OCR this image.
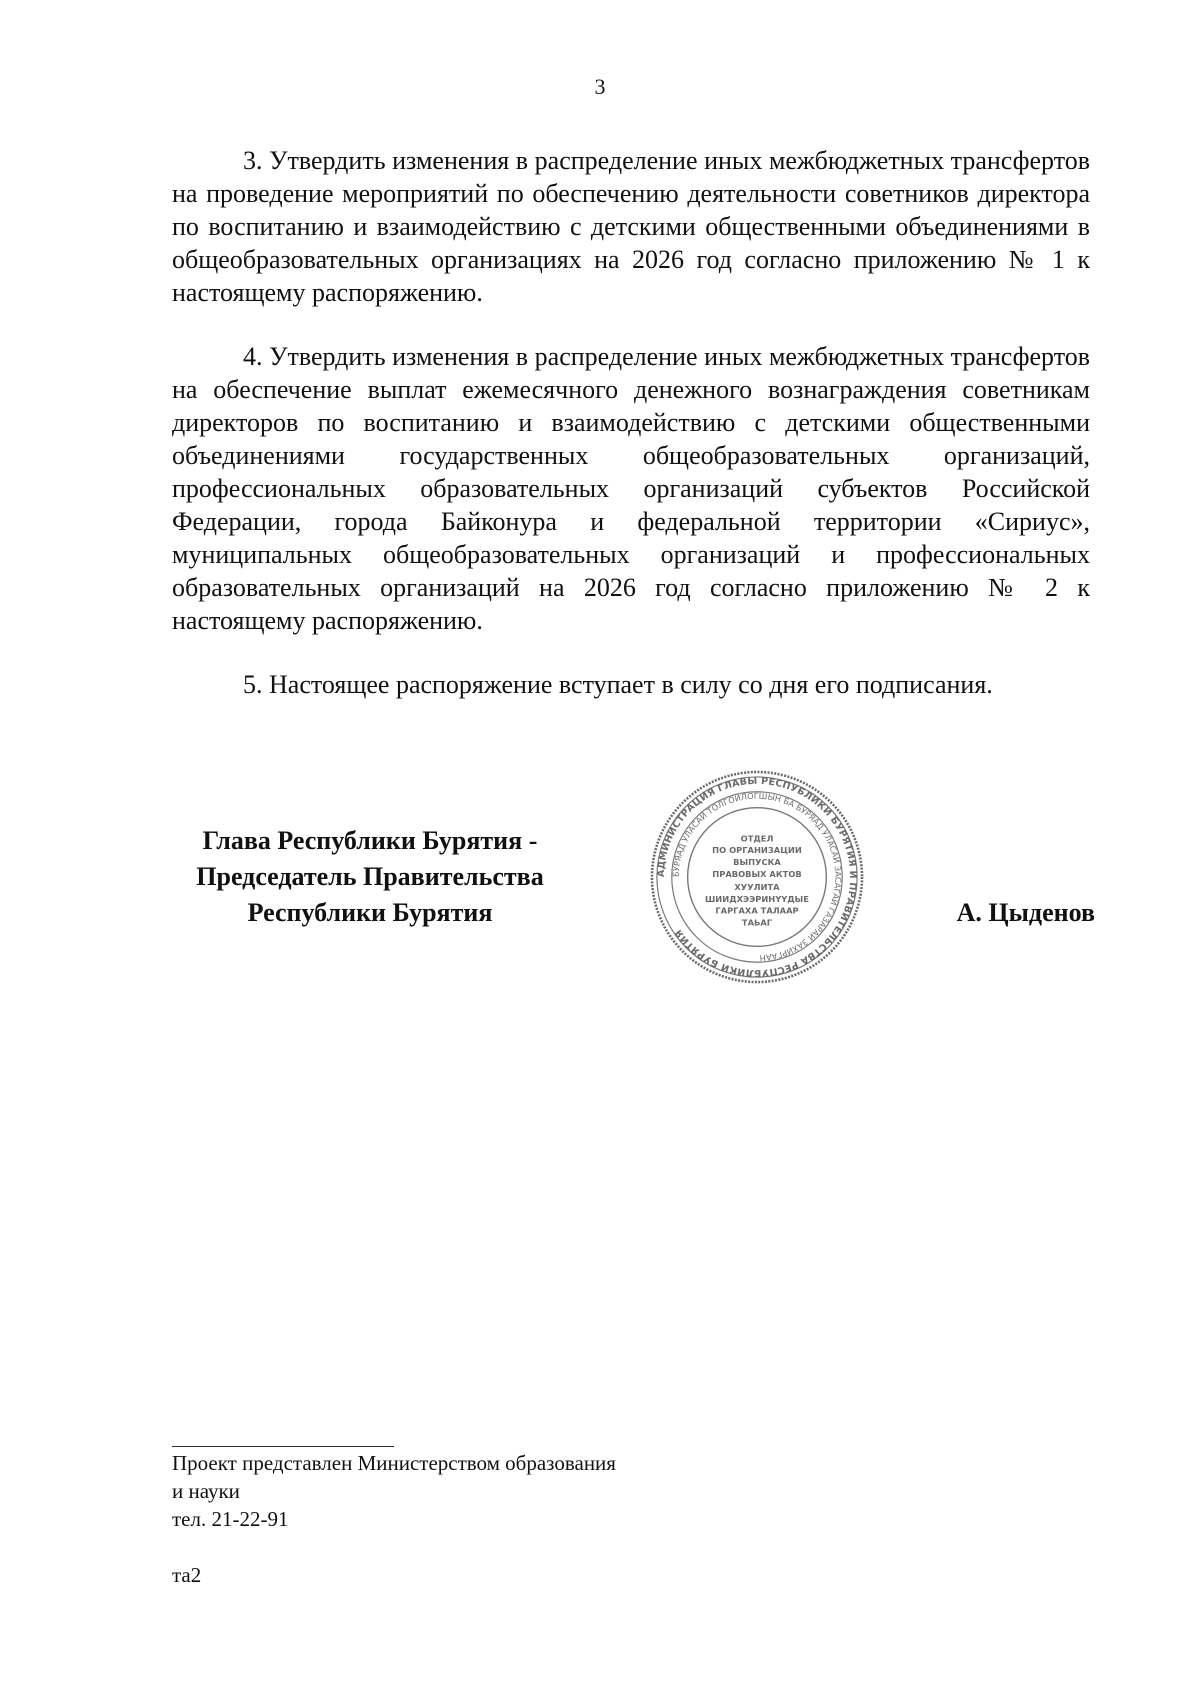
3
3. Утвердить изменения в распределение иных межбюджетных трансфертов на проведение мероприятий по обеспечению деятельности советников директора по воспитанию и взаимодействию с детскими общественными объединениями в общеобразовательных организациях на 2026 год согласно приложению № 1 к настоящему распоряжению.
4. Утвердить изменения в распределение иных межбюджетных трансфертов на обеспечение выплат ежемесячного денежного вознаграждения советникам директоров по воспитанию и взаимодействию с детскими общественными объединениями государственных общеобразовательных организаций, профессиональных образовательных организаций субъектов Российской Федерации, города Байконура и федеральной территории «Сириус», муниципальных общеобразовательных организаций и профессиональных образовательных организаций на 2026 год согласно приложению № 2 к настоящему распоряжению.
5. Настоящее распоряжение вступает в силу со дня его подписания.
Глава Республики Бурятия -
Председатель Правительства
Республики Бурятия
АДМИНИСТРАЦИЯ ГЛАВЫ РЕСПУБЛИКИ БУРЯТИЯ И ПРАВИТЕЛЬСТВА РЕСПУБЛИКИ БУРЯТИЯ
БУРЯАД УЛАСАЙ ТОЛГОЙЛОГШЫН БА БУРЯАД УЛАСАЙ ЗАСАГАЙ ГАЗАРАЙ ЗАХИРГААН
ОТДЕЛ
ПО ОРГАНИЗАЦИИ
ВЫПУСКА
ПРАВОВЫХ АКТОВ
ХУУЛИТА
ШИИДХЭЭРИНҮҮДЫЕ
ГАРГАХА ТАЛААР
ТАЬАГ	А. Цыденов
Проект представлен Министерством образования
и науки
тел. 21-22-91
та2
